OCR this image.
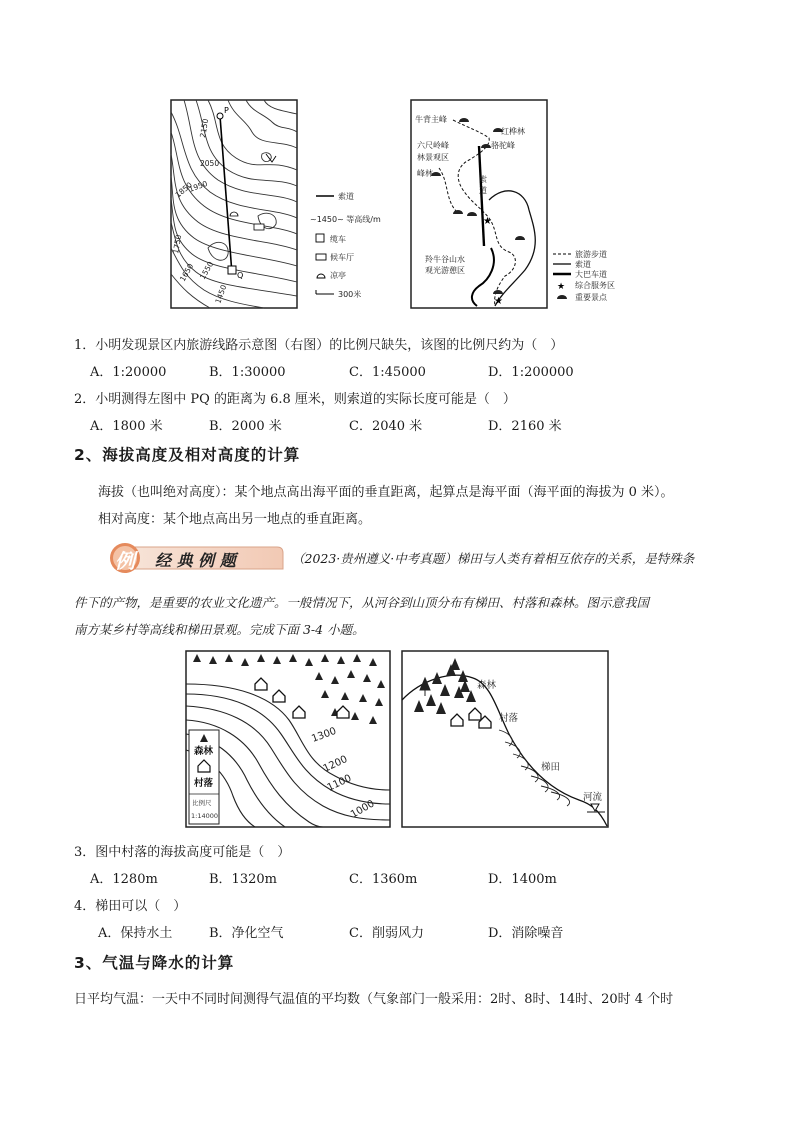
P
Q
2150
2050
1950
1850
1750
1650 1550
1450
索道
~1450~ 等高线/m
缆车
候车厅
凉亭
300米
★
★
牛背主峰
红桦林
六尺岭峰	骆驼峰
林景观区
峰林
索
道
羚牛谷山水
观光游憩区
旅游步道
索道
大巴车道
★ 综合服务区
重要景点
1．小明发现景区内旅游线路示意图（右图）的比例尺缺失，该图的比例尺约为（　）
A．1:20000	B．1:30000	C．1:45000	D．1:200000
2．小明测得左图中 PQ 的距离为 6.8 厘米，则索道的实际长度可能是（　）
A．1800 米	B．2000 米	C．2040 米	D．2160 米
2、海拔高度及相对高度的计算
海拔（也叫绝对高度）：某个地点高出海平面的垂直距离，起算点是海平面（海平面的海拔为 0 米）。
相对高度：某个地点高出另一地点的垂直距离。
例 经 典 例 题	（2023·贵州遵义·中考真题）梯田与人类有着相互依存的关系，是特殊条
件下的产物，是重要的农业文化遗产。一般情况下，从河谷到山顶分布有梯田、村落和森林。图示意我国
南方某乡村等高线和梯田景观。完成下面 3-4 小题。
1300
1200
1100
1000
森林
村落
比例尺
1:14000
森林
村落
梯田
河流
3．图中村落的海拔高度可能是（　）
A．1280m	B．1320m	C．1360m	D．1400m
4．梯田可以（　）
A．保持水土	B．净化空气	C．削弱风力	D．消除噪音
3、气温与降水的计算
日平均气温：一天中不同时间测得气温值的平均数（气象部门一般采用：2时、8时、14时、20时 4 个时
